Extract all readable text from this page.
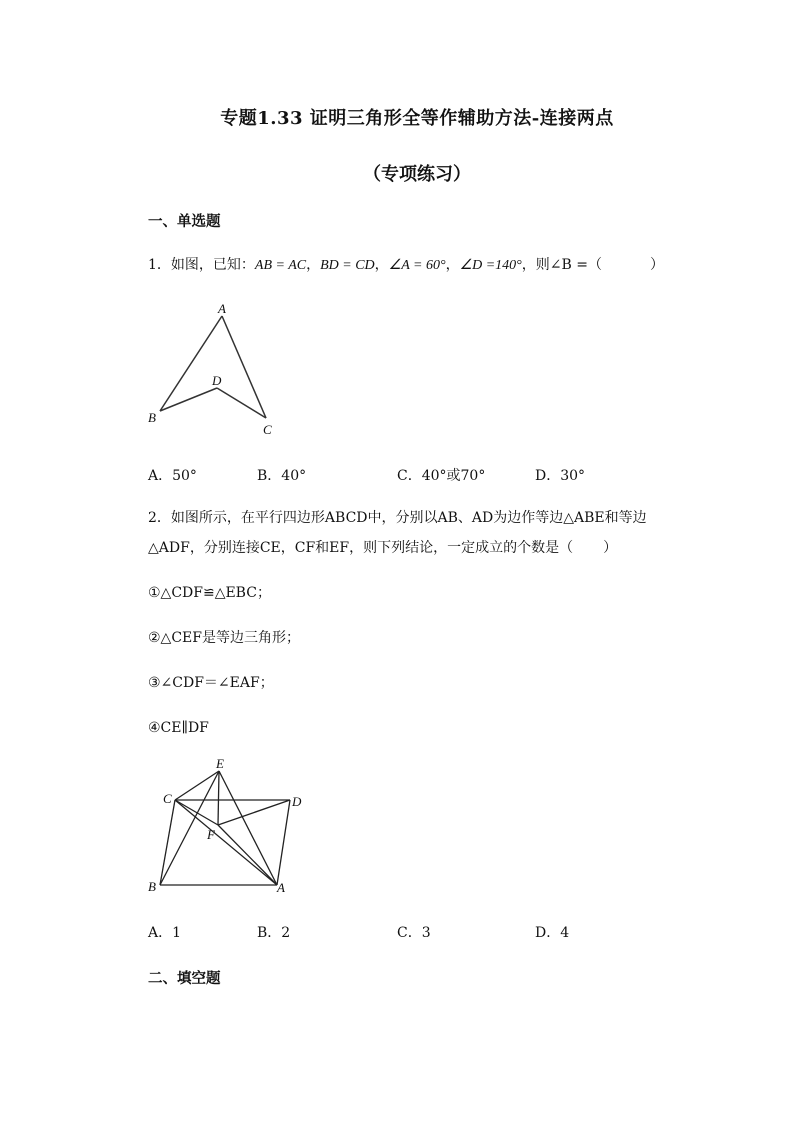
专题1.33 证明三角形全等作辅助方法-连接两点
（专项练习）
一、单选题
1．如图，已知：AB = AC，BD = CD，∠A = 60°，∠D =140°，则∠B =（	）
A
B
C
D
A．50°	B．40°	C．40°或70°	D．30°
2．如图所示，在平行四边形ABCD中，分别以AB、AD为边作等边△ABE和等边
△ADF，分别连接CE，CF和EF，则下列结论，一定成立的个数是（ ）
①△CDF≌△EBC；
②△CEF是等边三角形；
③∠CDF＝∠EAF；
④CE∥DF
E
C	D
F
B	A
A．1	B．2	C．3	D．4
二、填空题
